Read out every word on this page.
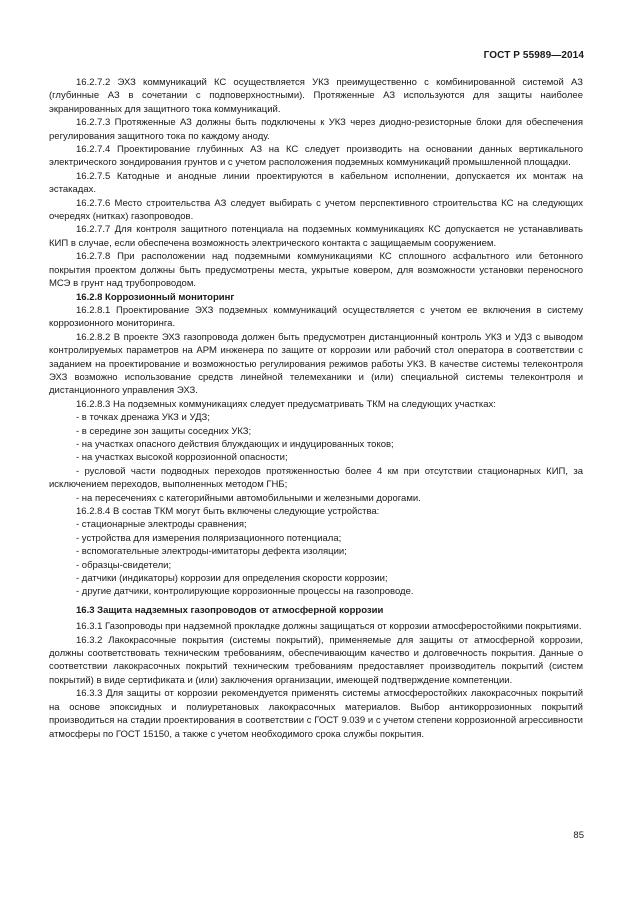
ГОСТ Р 55989—2014

16.2.7.2 ЭХЗ коммуникаций КС осуществляется УКЗ преимущественно с комбинированной системой АЗ (глубинные АЗ в сочетании с подповерхностными). Протяженные АЗ используются для защиты наиболее экранированных для защитного тока коммуникаций.

16.2.7.3 Протяженные АЗ должны быть подключены к УКЗ через диодно-резисторные блоки для обеспечения регулирования защитного тока по каждому аноду.

16.2.7.4 Проектирование глубинных АЗ на КС следует производить на основании данных вертикального электрического зондирования грунтов и с учетом расположения подземных коммуникаций промышленной площадки.

16.2.7.5 Катодные и анодные линии проектируются в кабельном исполнении, допускается их монтаж на эстакадах.

16.2.7.6 Место строительства АЗ следует выбирать с учетом перспективного строительства КС на следующих очередях (нитках) газопроводов.

16.2.7.7 Для контроля защитного потенциала на подземных коммуникациях КС допускается не устанавливать КИП в случае, если обеспечена возможность электрического контакта с защищаемым сооружением.

16.2.7.8 При расположении над подземными коммуникациями КС сплошного асфальтного или бетонного покрытия проектом должны быть предусмотрены места, укрытые ковером, для возможности установки переносного МСЭ в грунт над трубопроводом.

16.2.8 Коррозионный мониторинг

16.2.8.1 Проектирование ЭХЗ подземных коммуникаций осуществляется с учетом ее включения в систему коррозионного мониторинга.

16.2.8.2 В проекте ЭХЗ газопровода должен быть предусмотрен дистанционный контроль УКЗ и УДЗ с выводом контролируемых параметров на АРМ инженера по защите от коррозии или рабочий стол оператора в соответствии с заданием на проектирование и возможностью регулирования режимов работы УКЗ. В качестве системы телеконтроля ЭХЗ возможно использование средств линейной телемеханики и (или) специальной системы телеконтроля и дистанционного управления ЭХЗ.

16.2.8.3 На подземных коммуникациях следует предусматривать ТКМ на следующих участках:

- в точках дренажа УКЗ и УДЗ;

- в середине зон защиты соседних УКЗ;

- на участках опасного действия блуждающих и индуцированных токов;

- на участках высокой коррозионной опасности;

- русловой части подводных переходов протяженностью более 4 км при отсутствии стационарных КИП, за исключением переходов, выполненных методом ГНБ;

- на пересечениях с категорийными автомобильными и железными дорогами.

16.2.8.4 В состав ТКМ могут быть включены следующие устройства:

- стационарные электроды сравнения;

- устройства для измерения поляризационного потенциала;

- вспомогательные электроды-имитаторы дефекта изоляции;

- образцы-свидетели;

- датчики (индикаторы) коррозии для определения скорости коррозии;

- другие датчики, контролирующие коррозионные процессы на газопроводе.

16.3 Защита надземных газопроводов от атмосферной коррозии

16.3.1 Газопроводы при надземной прокладке должны защищаться от коррозии атмосферостойкими покрытиями.

16.3.2 Лакокрасочные покрытия (системы покрытий), применяемые для защиты от атмосферной коррозии, должны соответствовать техническим требованиям, обеспечивающим качество и долговечность покрытия. Данные о соответствии лакокрасочных покрытий техническим требованиям предоставляет производитель покрытий (систем покрытий) в виде сертификата и (или) заключения организации, имеющей подтверждение компетенции.

16.3.3 Для защиты от коррозии рекомендуется применять системы атмосферостойких лакокрасочных покрытий на основе эпоксидных и полиуретановых лакокрасочных материалов. Выбор антикоррозионных покрытий производиться на стадии проектирования в соответствии с ГОСТ 9.039 и с учетом степени коррозионной агрессивности атмосферы по ГОСТ 15150, а также с учетом необходимого срока службы покрытия.

85
